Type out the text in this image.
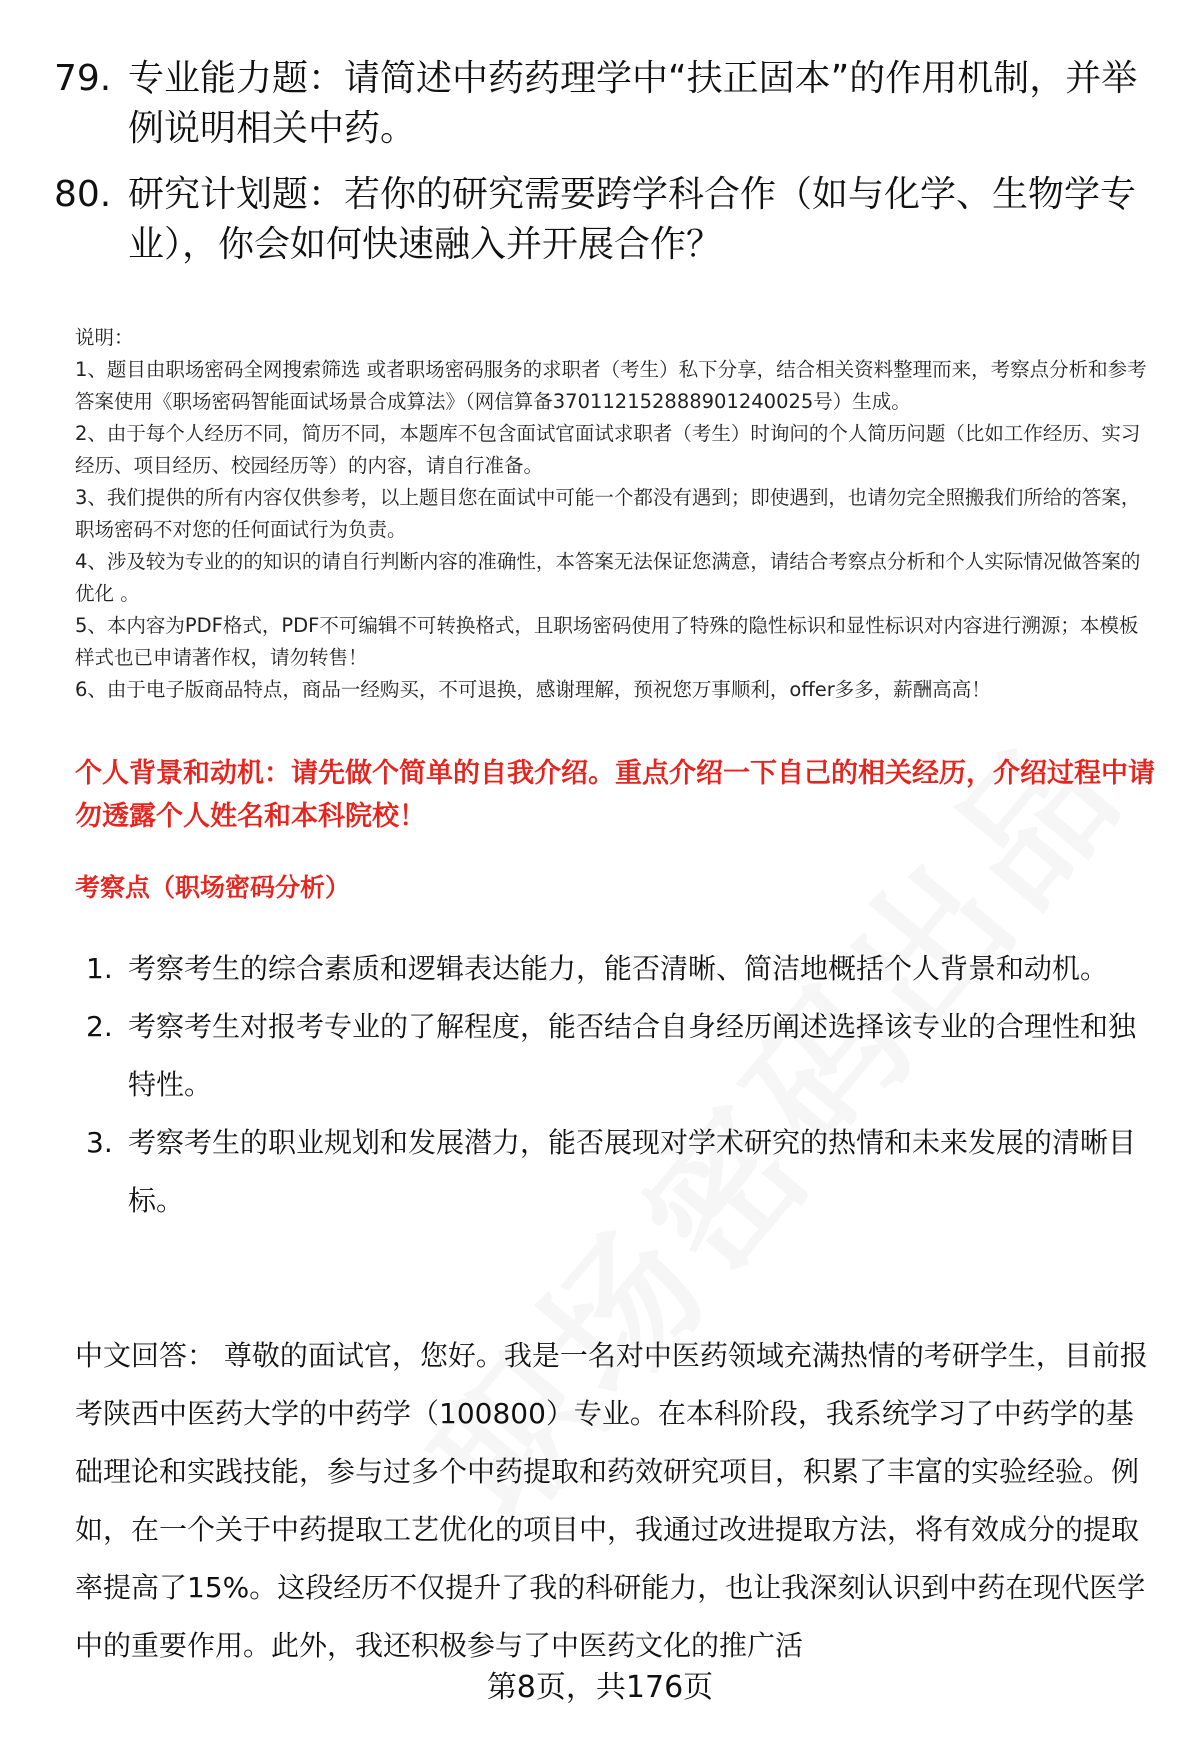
79. 专业能力题：请简述中药药理学中“扶正固本”的作用机制，并举例说明相关中药。
80. 研究计划题：若你的研究需要跨学科合作（如与化学、生物学专业），你会如何快速融入并开展合作？

说明：

1、题目由职场密码全网搜索筛选 或者职场密码服务的求职者（考生）私下分享，结合相关资料整理而来，考察点分析和参考答案使用《职场密码智能面试场景合成算法》（网信算备370112152888901240025号）生成。

2、由于每个人经历不同，简历不同，本题库不包含面试官面试求职者（考生）时询问的个人简历问题（比如工作经历、实习经历、项目经历、校园经历等）的内容，请自行准备。

3、我们提供的所有内容仅供参考，以上题目您在面试中可能一个都没有遇到；即使遇到，也请勿完全照搬我们所给的答案，职场密码不对您的任何面试行为负责。

4、涉及较为专业的的知识的请自行判断内容的准确性，本答案无法保证您满意，请结合考察点分析和个人实际情况做答案的优化 。

5、本内容为PDF格式，PDF不可编辑不可转换格式，且职场密码使用了特殊的隐性标识和显性标识对内容进行溯源；本模板样式也已申请著作权，请勿转售！

6、由于电子版商品特点，商品一经购买，不可退换，感谢理解，预祝您万事顺利，offer多多，薪酬高高！

个人背景和动机：请先做个简单的自我介绍。重点介绍一下自己的相关经历，介绍过程中请勿透露个人姓名和本科院校！
考察点（职场密码分析）
1. 考察考生的综合素质和逻辑表达能力，能否清晰、简洁地概括个人背景和动机。
2. 考察考生对报考专业的了解程度，能否结合自身经历阐述选择该专业的合理性和独特性。
3. 考察考生的职业规划和发展潜力，能否展现对学术研究的热情和未来发展的清晰目标。

中文回答： 尊敬的面试官，您好。我是一名对中医药领域充满热情的考研学生，目前报考陕西中医药大学的中药学（100800）专业。在本科阶段，我系统学习了中药学的基础理论和实践技能，参与过多个中药提取和药效研究项目，积累了丰富的实验经验。例如，在一个关于中药提取工艺优化的项目中，我通过改进提取方法，将有效成分的提取率提高了15%。这段经历不仅提升了我的科研能力，也让我深刻认识到中药在现代医学中的重要作用。此外，我还积极参与了中医药文化的推广活

第8页，共176页
